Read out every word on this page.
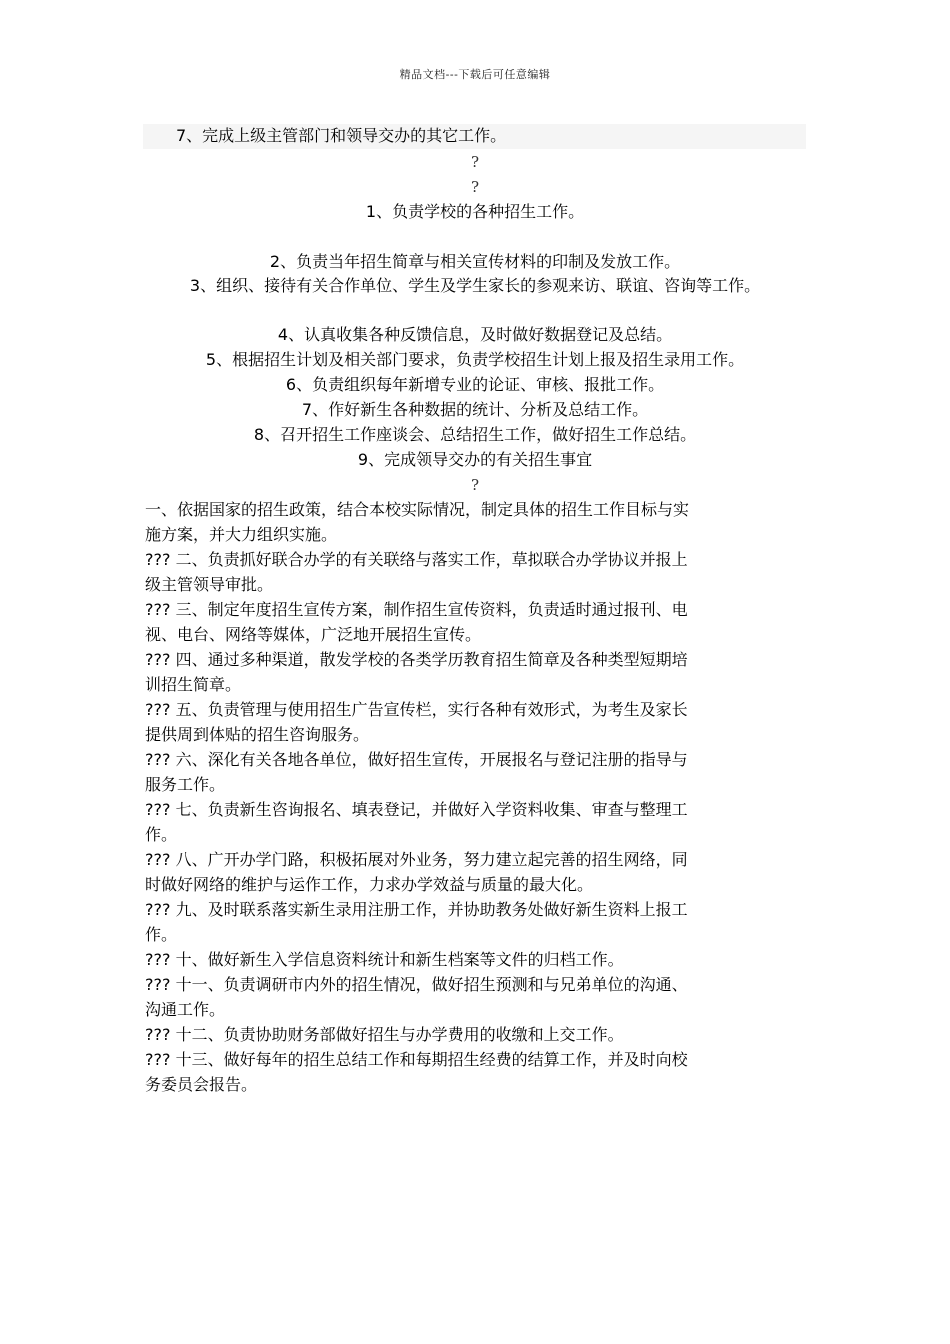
精品文档---下载后可任意编辑
7、完成上级主管部门和领导交办的其它工作。
?
?
1、负责学校的各种招生工作。
2、负责当年招生简章与相关宣传材料的印制及发放工作。
3、组织、接待有关合作单位、学生及学生家长的参观来访、联谊、咨询等工作。
4、认真收集各种反馈信息，及时做好数据登记及总结。
5、根据招生计划及相关部门要求，负责学校招生计划上报及招生录用工作。
6、负责组织每年新增专业的论证、审核、报批工作。
7、作好新生各种数据的统计、分析及总结工作。
8、召开招生工作座谈会、总结招生工作，做好招生工作总结。
9、完成领导交办的有关招生事宜
?
一、依据国家的招生政策，结合本校实际情况，制定具体的招生工作目标与实
施方案，并大力组织实施。
??? 二、负责抓好联合办学的有关联络与落实工作，草拟联合办学协议并报上
级主管领导审批。
??? 三、制定年度招生宣传方案，制作招生宣传资料，负责适时通过报刊、电
视、电台、网络等媒体，广泛地开展招生宣传。
??? 四、通过多种渠道，散发学校的各类学历教育招生简章及各种类型短期培
训招生简章。
??? 五、负责管理与使用招生广告宣传栏，实行各种有效形式，为考生及家长
提供周到体贴的招生咨询服务。
??? 六、深化有关各地各单位，做好招生宣传，开展报名与登记注册的指导与
服务工作。
??? 七、负责新生咨询报名、填表登记，并做好入学资料收集、审查与整理工
作。
??? 八、广开办学门路，积极拓展对外业务，努力建立起完善的招生网络，同
时做好网络的维护与运作工作，力求办学效益与质量的最大化。
??? 九、及时联系落实新生录用注册工作，并协助教务处做好新生资料上报工
作。
??? 十、做好新生入学信息资料统计和新生档案等文件的归档工作。
??? 十一、负责调研市内外的招生情况，做好招生预测和与兄弟单位的沟通、
沟通工作。
??? 十二、负责协助财务部做好招生与办学费用的收缴和上交工作。
??? 十三、做好每年的招生总结工作和每期招生经费的结算工作，并及时向校
务委员会报告。
